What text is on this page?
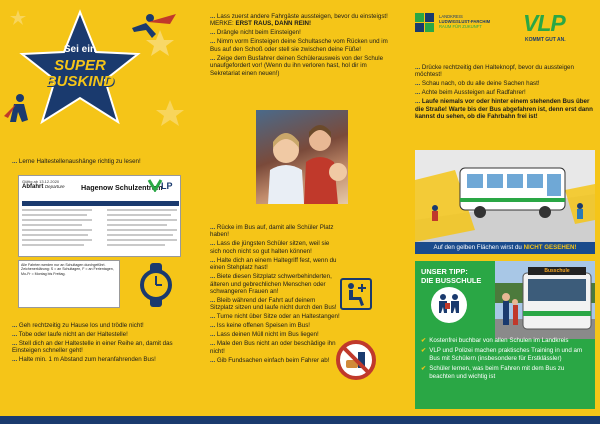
Sei ein
SUPER
BUSKIND
... Lerne Haltestellenaushänge richtig zu lesen!
Gültig ab 13.12.2020
Abfahrt Departure Hagenow Schulzentrum
LP
Alle Fahrten werden nur an Schultagen durchgeführt. Zeichenerklärung: S = an Schultagen, F = an Ferientagen, Mo-Fr = Montag bis Freitag.

... Geh rechtzeitig zu Hause los und trödle nicht!

... Tobe oder laufe nicht an der Haltestelle!

... Stell dich an der Haltestelle in einer Reihe an, damit das Einsteigen schneller geht!

... Halte min. 1 m Abstand zum heranfahrenden Bus!

... Lass zuerst andere Fahrgäste aussteigen, bevor du einsteigst! MERKE: ERST RAUS, DANN REIN!

... Drängle nicht beim Einsteigen!

... Nimm vorm Einsteigen deine Schultasche vom Rücken und im Bus auf den Schoß oder stell sie zwischen deine Füße!

... Zeige dem Busfahrer deinen Schülerausweis von der Schule unaufgefordert vor! (Wenn du ihn verloren hast, hol dir im Sekretariat einen neuen!)

... Rücke im Bus auf, damit alle Schüler Platz haben!

... Lass die jüngsten Schüler sitzen, weil sie sich noch nicht so gut halten können!

... Halte dich an einem Haltegriff fest, wenn du einen Stehplatz hast!

... Biete diesen Sitzplatz schwerbehinderten, älteren und gebrechlichen Menschen oder schwangeren Frauen an!

... Bleib während der Fahrt auf deinem Sitzplatz sitzen und laufe nicht durch den Bus!

... Turne nicht über Sitze oder an Haltestangen!

... Iss keine offenen Speisen im Bus!

... Lass deinen Müll nicht im Bus liegen!

... Male den Bus nicht an oder beschädige ihn nicht!

... Gib Fundsachen einfach beim Fahrer ab!

LANDKREIS
LUDWIGSLUST-PARCHIM
RAUM FÜR ZUKUNFT	VLP
KOMMT GUT AN.

... Drücke rechtzeitig den Halteknopf, bevor du aussteigen möchtest!

... Schau nach, ob du alle deine Sachen hast!

... Achte beim Aussteigen auf Radfahrer!

... Laufe niemals vor oder hinter einem stehenden Bus über die Straße! Warte bis der Bus abgefahren ist, denn erst dann kannst du sehen, ob die Fahrbahn frei ist!

Auf den gelben Flächen wirst du NICHT GESEHEN!
UNSER TIPP:
DIE BUSSCHULE
Busschule
✔ Kostenfrei buchbar von allen Schulen im Landkreis
✔ VLP und Polizei machen praktisches Training in und am Bus mit Schülern (insbesondere für Erstklässler)
✔ Schüler lernen, was beim Fahren mit dem Bus zu beachten und wichtig ist
